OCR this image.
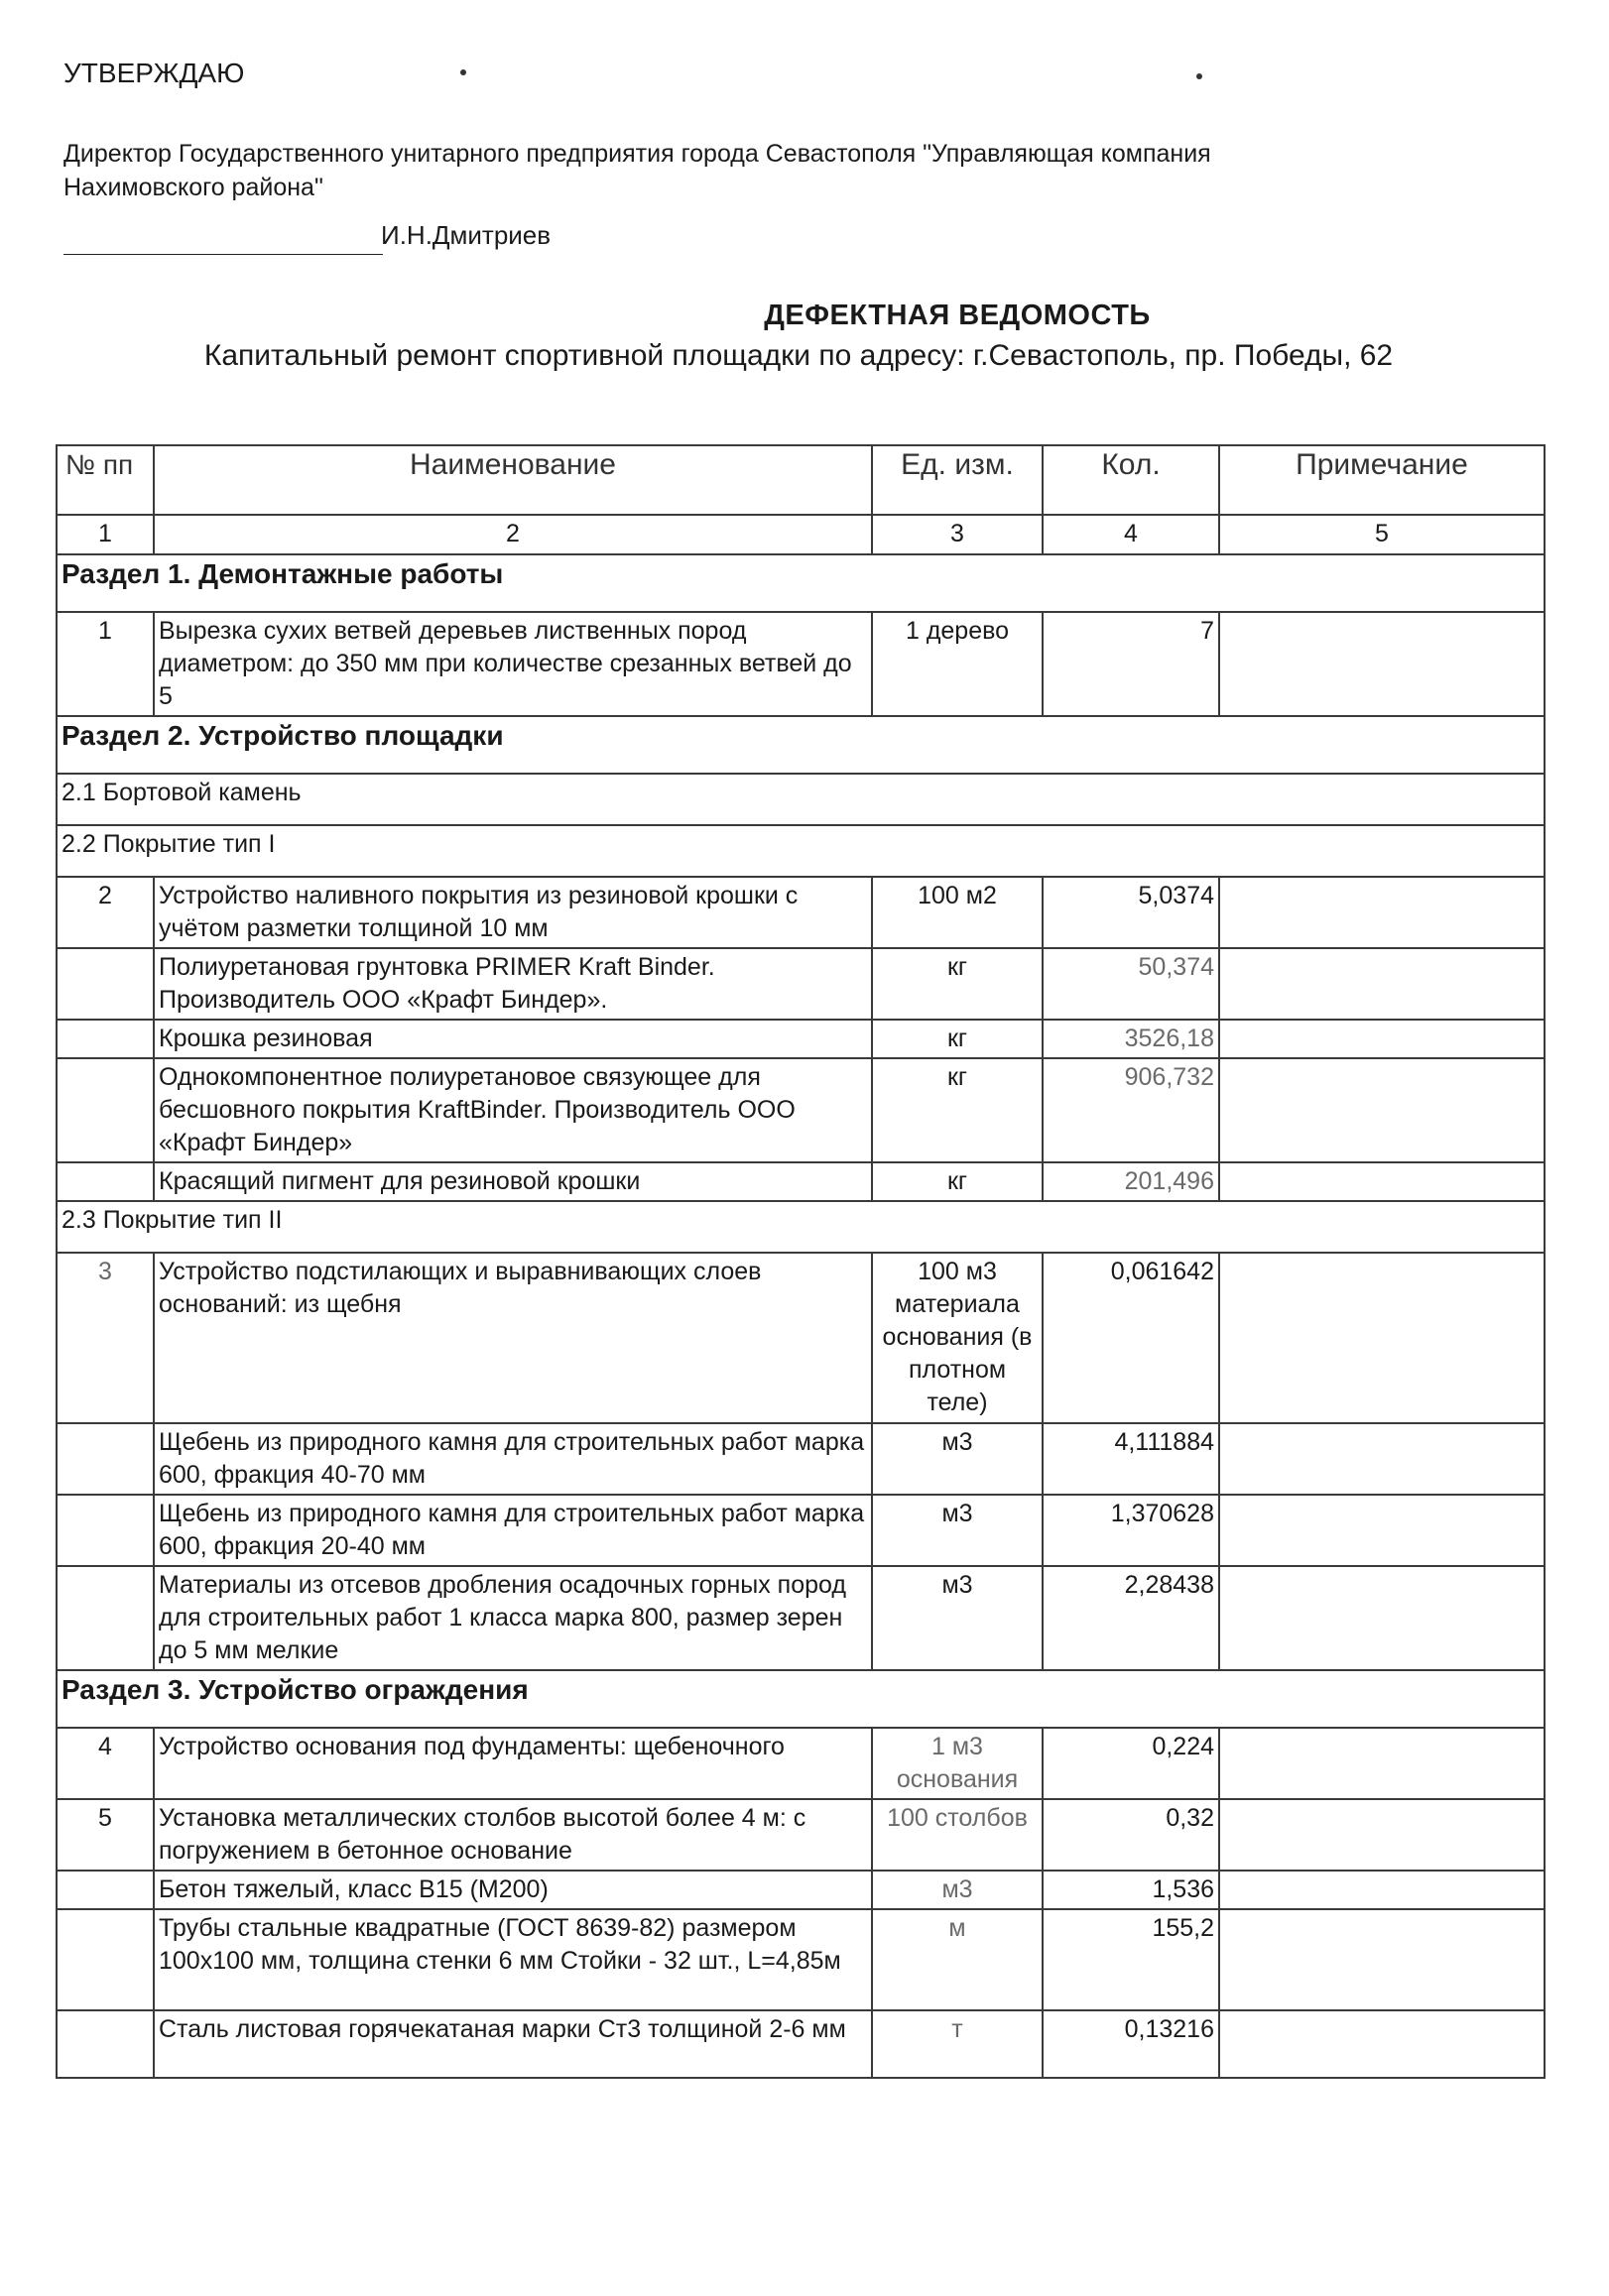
УТВЕРЖДАЮ
Директор Государственного унитарного предприятия города Севастополя "Управляющая компания Нахимовского района"
И.Н.Дмитриев
ДЕФЕКТНАЯ ВЕДОМОСТЬ
Капитальный ремонт спортивной площадки по адресу: г.Севастополь, пр. Победы, 62
№ пп	Наименование	Ед. изм.	Кол.	Примечание
1	2	3	4	5
Раздел 1. Демонтажные работы				
1	Вырезка сухих ветвей деревьев лиственных пород диаметром: до 350 мм при количестве срезанных ветвей до 5	1 дерево	7	
Раздел 2. Устройство площадки				
2.1 Бортовой камень				
2.2 Покрытие тип I				
2	Устройство наливного покрытия из резиновой крошки с учётом разметки толщиной 10 мм	100 м2	5,0374	
	Полиуретановая грунтовка PRIMER Kraft Binder. Производитель ООО «Крафт Биндер».	кг	50,374	
	Крошка резиновая	кг	3526,18	
	Однокомпонентное полиуретановое связующее для бесшовного покрытия KraftBinder. Производитель ООО «Крафт Биндер»	кг	906,732	
	Красящий пигмент для резиновой крошки	кг	201,496	
2.3 Покрытие тип II				
3	Устройство подстилающих и выравнивающих слоев оснований: из щебня	100 м3 материала основания (в плотном теле)	0,061642	
	Щебень из природного камня для строительных работ марка 600, фракция 40-70 мм	м3	4,111884	
	Щебень из природного камня для строительных работ марка 600, фракция 20-40 мм	м3	1,370628	
	Материалы из отсевов дробления осадочных горных пород для строительных работ 1 класса марка 800, размер зерен до 5 мм мелкие	м3	2,28438	
Раздел 3. Устройство ограждения				
4	Устройство основания под фундаменты: щебеночного	1 м3 основания	0,224	
5	Установка металлических столбов высотой более 4 м: с погружением в бетонное основание	100 столбов	0,32	
	Бетон тяжелый, класс В15 (М200)	м3	1,536	
	Трубы стальные квадратные (ГОСТ 8639-82) размером 100х100 мм, толщина стенки 6 мм Стойки - 32 шт., L=4,85м	м	155,2	
	Сталь листовая горячекатаная марки Ст3 толщиной 2-6 мм	т	0,13216	
